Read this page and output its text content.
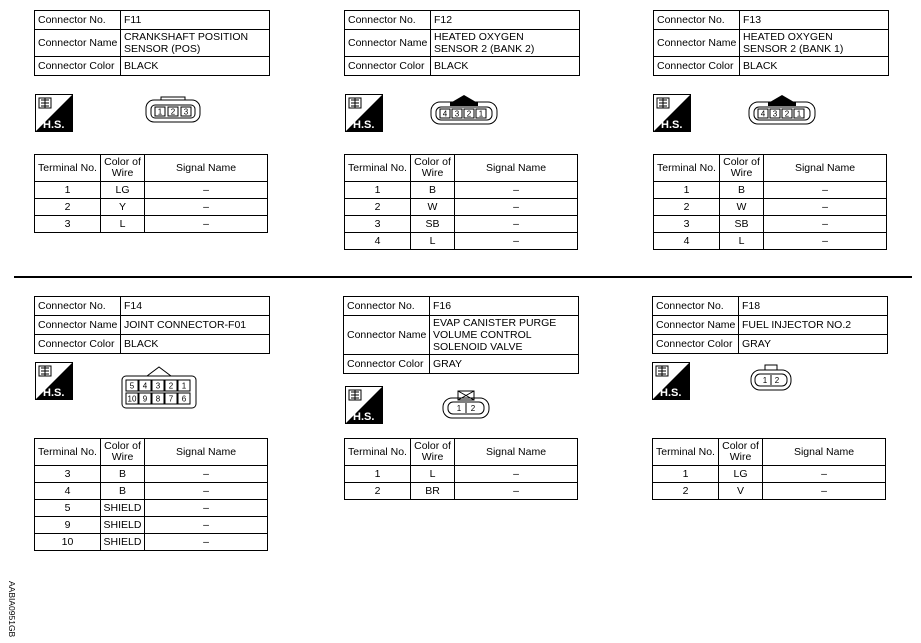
Connector No.	F11
Connector Name	CRANKSHAFT POSITION
SENSOR (POS)
Connector Color	BLACK
H.S.
1 2 3
Terminal No.	Color of Wire	Signal Name
1	LG	–
2	Y	–
3	L	–
Connector No.	F12
Connector Name	HEATED OXYGEN
SENSOR 2 (BANK 2)
Connector Color	BLACK
H.S.
4 3 2 1
Terminal No.	Color of Wire	Signal Name
1	B	–
2	W	–
3	SB	–
4	L	–
Connector No.	F13
Connector Name	HEATED OXYGEN
SENSOR 2 (BANK 1)
Connector Color	BLACK
H.S.
4 3 2 1
Terminal No.	Color of Wire	Signal Name
1	B	–
2	W	–
3	SB	–
4	L	–
Connector No.	F14
Connector Name	JOINT CONNECTOR-F01
Connector Color	BLACK
H.S.
5 4 3 2 1
10 9 8 7 6
Terminal No.	Color of Wire	Signal Name
3	B	–
4	B	–
5	SHIELD	–
9	SHIELD	–
10	SHIELD	–
Connector No.	F16
Connector Name	EVAP CANISTER PURGE
VOLUME CONTROL
SOLENOID VALVE
Connector Color	GRAY
H.S.
1 2
Terminal No.	Color of Wire	Signal Name
1	L	–
2	BR	–
Connector No.	F18
Connector Name	FUEL INJECTOR NO.2
Connector Color	GRAY
H.S.
1 2
Terminal No.	Color of Wire	Signal Name
1	LG	–
2	V	–
AABIA0951GB
